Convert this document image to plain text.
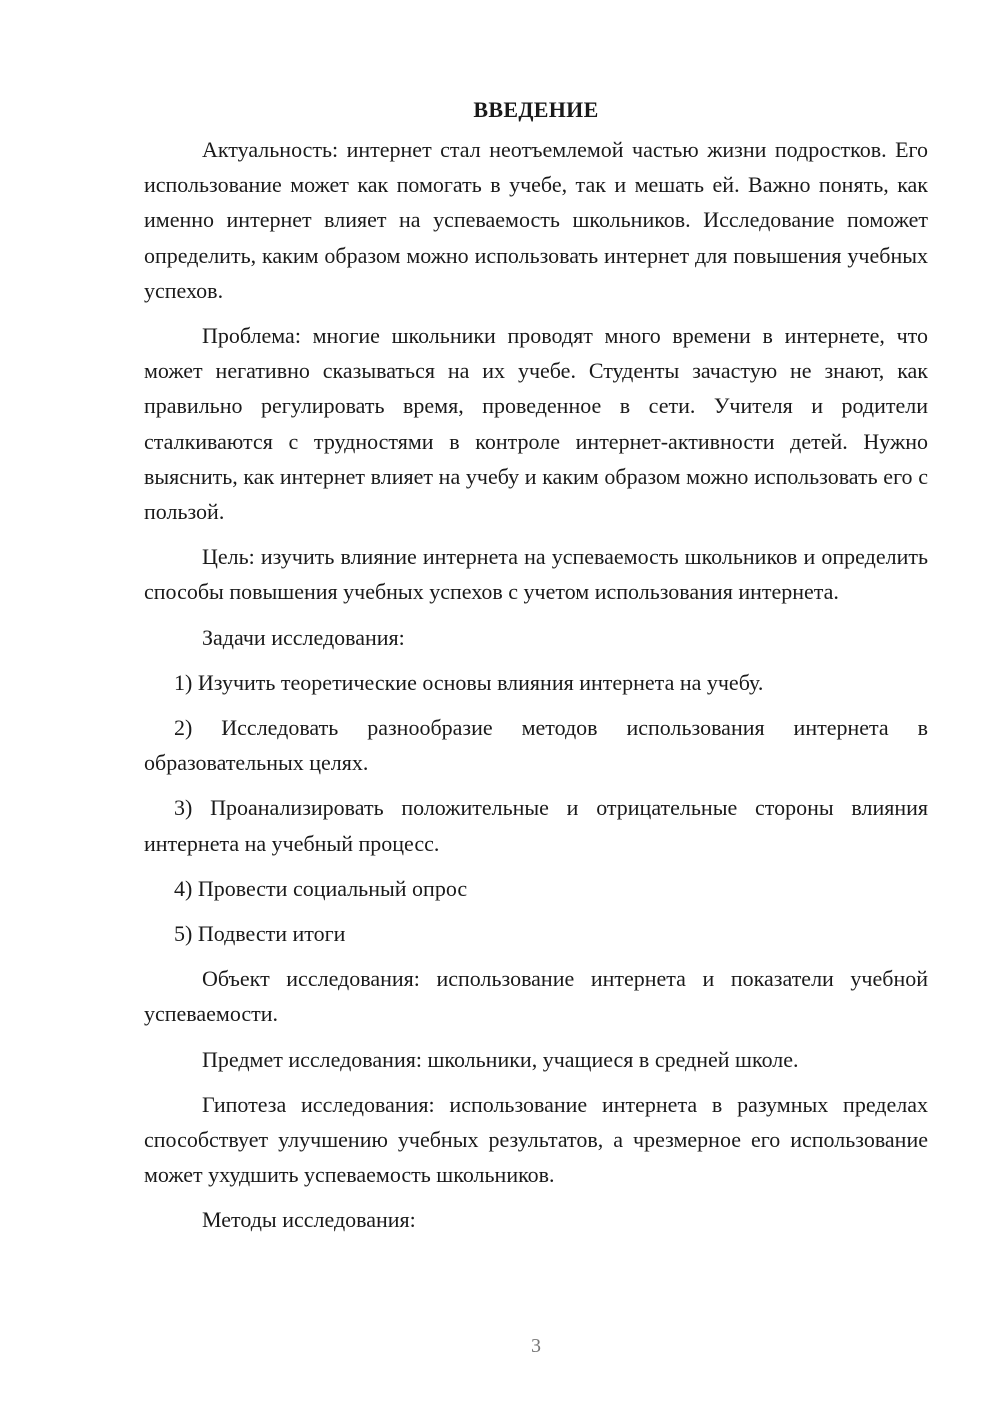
ВВЕДЕНИЕ

Актуальность: интернет стал неотъемлемой частью жизни подростков. Его использование может как помогать в учебе, так и мешать ей. Важно понять, как именно интернет влияет на успеваемость школьников. Исследование поможет определить, каким образом можно использовать интернет для повышения учебных успехов.

Проблема: многие школьники проводят много времени в интернете, что может негативно сказываться на их учебе. Студенты зачастую не знают, как правильно регулировать время, проведенное в сети. Учителя и родители сталкиваются с трудностями в контроле интернет-активности детей. Нужно выяснить, как интернет влияет на учебу и каким образом можно использовать его с пользой.

Цель: изучить влияние интернета на успеваемость школьников и определить способы повышения учебных успехов с учетом использования интернета.

Задачи исследования:

1) Изучить теоретические основы влияния интернета на учебу.

2) Исследовать разнообразие методов использования интернета в образовательных целях.

3) Проанализировать положительные и отрицательные стороны влияния интернета на учебный процесс.

4) Провести социальный опрос

5) Подвести итоги

Объект исследования: использование интернета и показатели учебной успеваемости.

Предмет исследования: школьники, учащиеся в средней школе.

Гипотеза исследования: использование интернета в разумных пределах способствует улучшению учебных результатов, а чрезмерное его использование может ухудшить успеваемость школьников.

Методы исследования:

3
